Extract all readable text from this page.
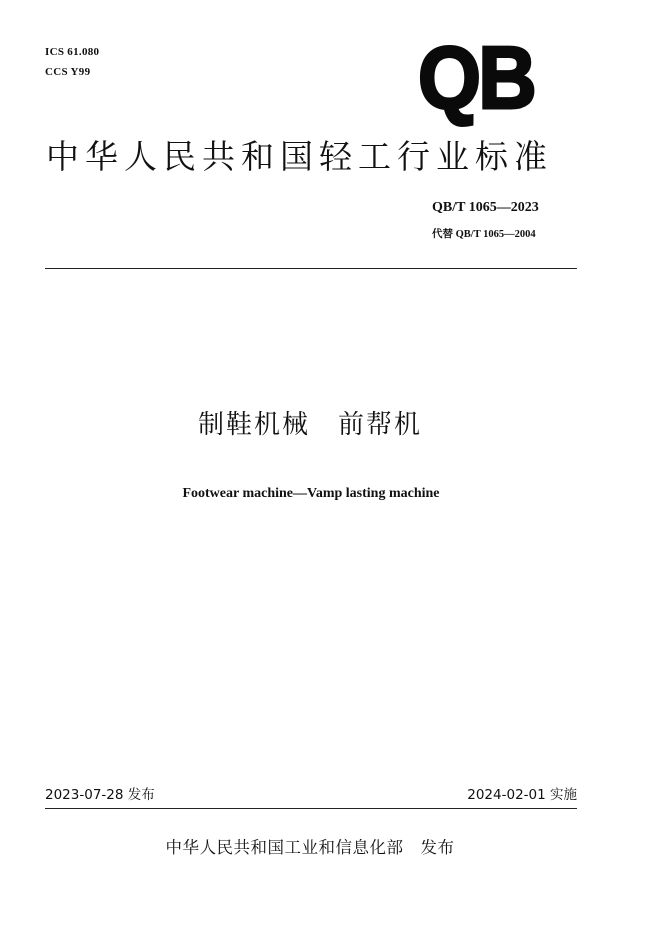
ICS 61.080
CCS Y99	QB
中华人民共和国轻工行业标准
QB/T 1065—2023
代替 QB/T 1065—2004
制鞋机械　前帮机
Footwear machine—Vamp lasting machine
2023-07-28 发布	2024-02-01 实施
中华人民共和国工业和信息化部　发布
